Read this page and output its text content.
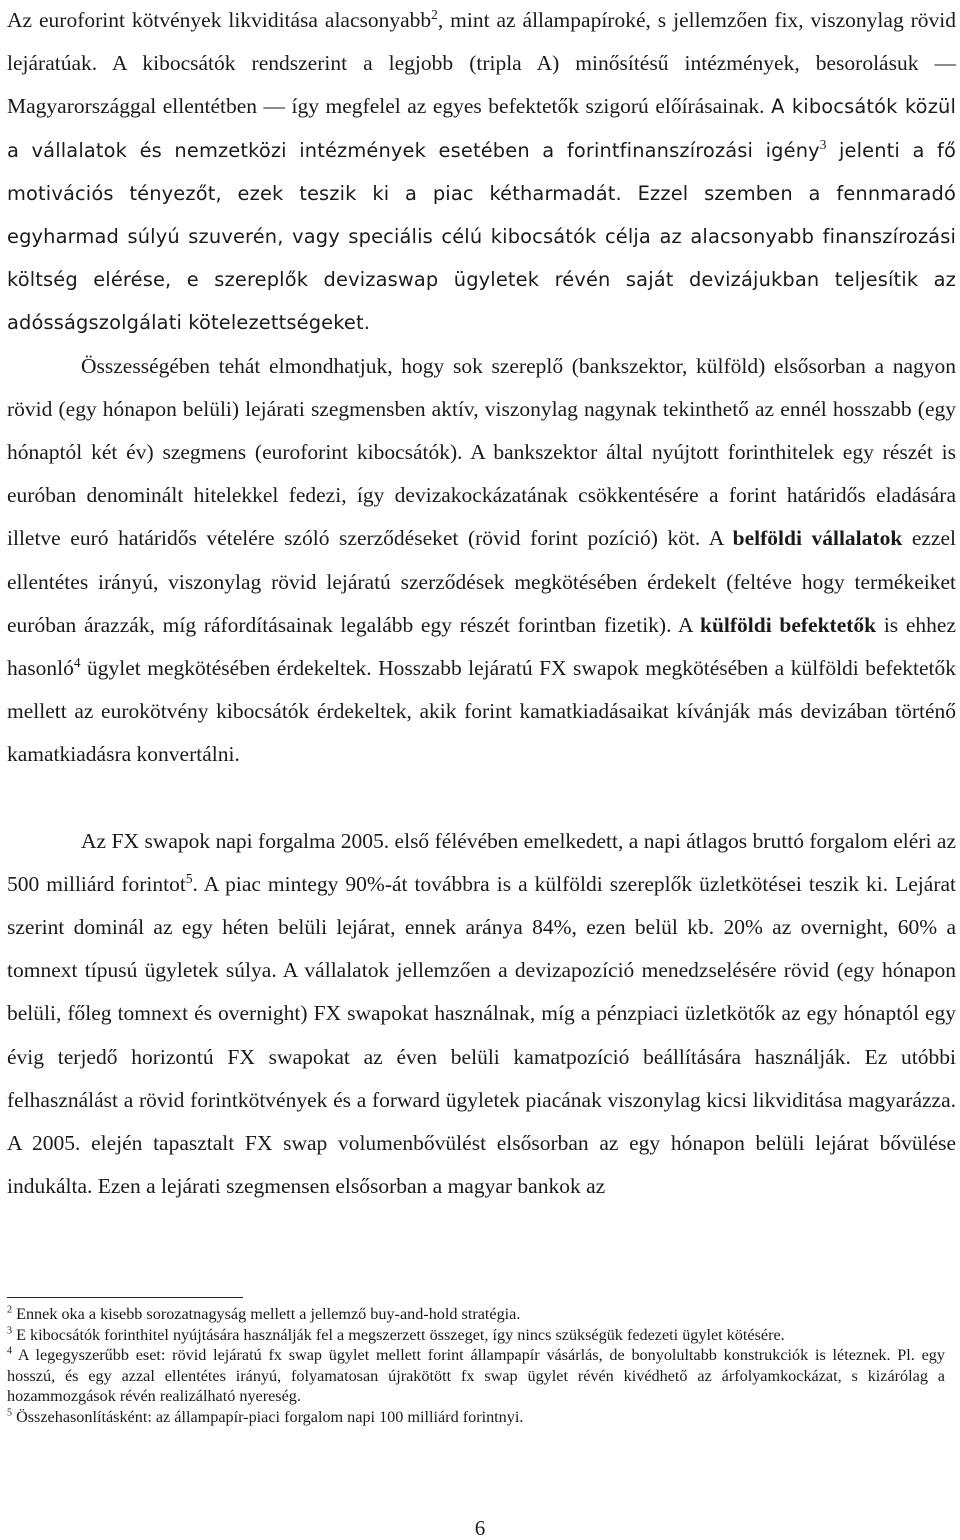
Az euroforint kötvények likviditása alacsonyabb$^2$, mint az állampapíroké, s jellemzően fix, viszonylag rövid lejáratúak. A kibocsátók rendszerint a legjobb (tripla A) minősítésű intézmények, besorolásuk ― Magyarországgal ellentétben ― így megfelel az egyes befektetők szigorú előírásainak. A kibocsátók közül a vállalatok és nemzetközi intézmények esetében a forintfinanszírozási igény$^3$ jelenti a fő motivációs tényezőt, ezek teszik ki a piac kétharmadát. Ezzel szemben a fennmaradó egyharmad súlyú szuverén, vagy speciális célú kibocsátók célja az alacsonyabb finanszírozási költség elérése, e szereplők devizaswap ügyletek révén saját devizájukban teljesítik az adósságszolgálati kötelezettségeket.

Összességében tehát elmondhatjuk, hogy sok szereplő (bankszektor, külföld) elsősorban a nagyon rövid (egy hónapon belüli) lejárati szegmensben aktív, viszonylag nagynak tekinthető az ennél hosszabb (egy hónaptól két év) szegmens (euroforint kibocsátók). A bankszektor által nyújtott forinthitelek egy részét is euróban denominált hitelekkel fedezi, így devizakockázatának csökkentésére a forint határidős eladására illetve euró határidős vételére szóló szerződéseket (rövid forint pozíció) köt. A belföldi vállalatok ezzel ellentétes irányú, viszonylag rövid lejáratú szerződések megkötésében érdekelt (feltéve hogy termékeiket euróban árazzák, míg ráfordításainak legalább egy részét forintban fizetik). A külföldi befektetők is ehhez hasonló$^4$ ügylet megkötésében érdekeltek. Hosszabb lejáratú FX swapok megkötésében a külföldi befektetők mellett az eurokötvény kibocsátók érdekeltek, akik forint kamatkiadásaikat kívánják más devizában történő kamatkiadásra konvertálni.

Az FX swapok napi forgalma 2005. első félévében emelkedett, a napi átlagos bruttó forgalom eléri az 500 milliárd forintot$^5$. A piac mintegy 90%-át továbbra is a külföldi szereplők üzletkötései teszik ki. Lejárat szerint dominál az egy héten belüli lejárat, ennek aránya 84%, ezen belül kb. 20% az overnight, 60% a tomnext típusú ügyletek súlya. A vállalatok jellemzően a devizapozíció menedzselésére rövid (egy hónapon belüli, főleg tomnext és overnight) FX swapokat használnak, míg a pénzpiaci üzletkötők az egy hónaptól egy évig terjedő horizontú FX swapokat az éven belüli kamatpozíció beállítására használják. Ez utóbbi felhasználást a rövid forintkötvények és a forward ügyletek piacának viszonylag kicsi likviditása magyarázza. A 2005. elején tapasztalt FX swap volumenbővülést elsősorban az egy hónapon belüli lejárat bővülése indukálta. Ezen a lejárati szegmensen elsősorban a magyar bankok az

$^2$ Ennek oka a kisebb sorozatnagyság mellett a jellemző buy-and-hold stratégia.

$^3$ E kibocsátók forinthitel nyújtására használják fel a megszerzett összeget, így nincs szükségük fedezeti ügylet kötésére.

$^4$ A legegyszerűbb eset: rövid lejáratú fx swap ügylet mellett forint állampapír vásárlás, de bonyolultabb konstrukciók is léteznek. Pl. egy hosszú, és egy azzal ellentétes irányú, folyamatosan újrakötött fx swap ügylet révén kivédhető az árfolyamkockázat, s kizárólag a hozammozgások révén realizálható nyereség.

$^5$ Összehasonlításként: az állampapír-piaci forgalom napi 100 milliárd forintnyi.

6
